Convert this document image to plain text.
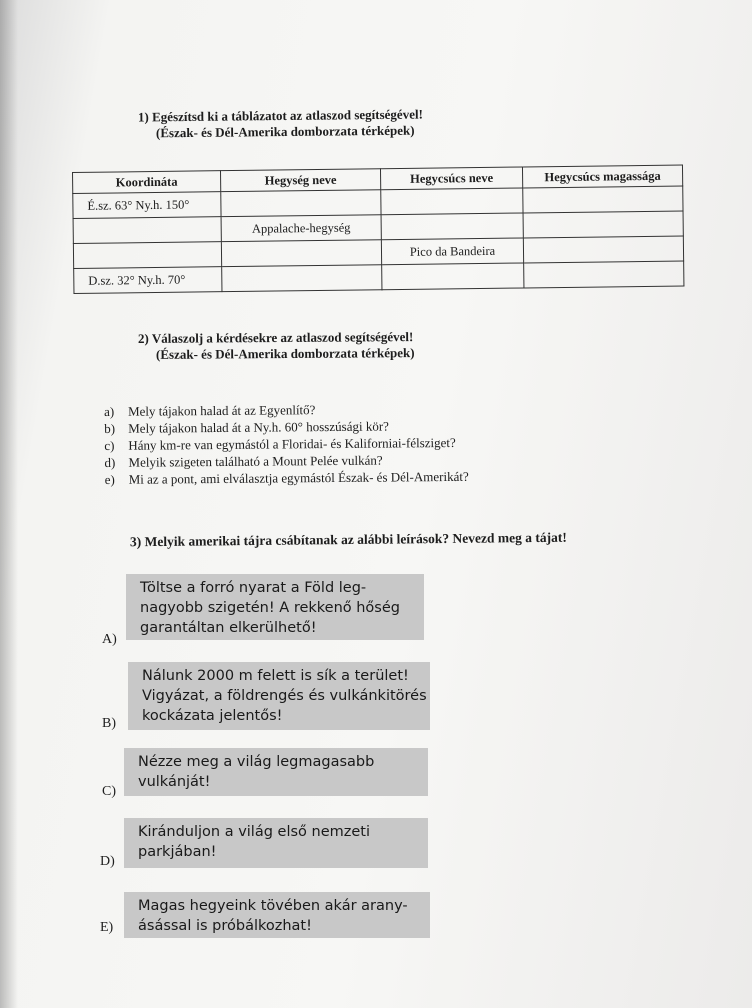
1) Egészítsd ki a táblázatot az atlaszod segítségével!
(Észak- és Dél-Amerika domborzata térképek)
Koordináta	Hegység neve	Hegycsúcs neve	Hegycsúcs magassága
É.sz. 63° Ny.h. 150°			
	Appalache-hegység		
		Pico da Bandeira	
D.sz. 32° Ny.h. 70°			
2) Válaszolj a kérdésekre az atlaszod segítségével!
(Észak- és Dél-Amerika domborzata térképek)
a) Mely tájakon halad át az Egyenlítő?
b) Mely tájakon halad át a Ny.h. 60° hosszúsági kör?
c) Hány km-re van egymástól a Floridai- és Kaliforniai-félsziget?
d) Melyik szigeten található a Mount Pelée vulkán?
e) Mi az a pont, ami elválasztja egymástól Észak- és Dél-Amerikát?
3) Melyik amerikai tájra csábítanak az alábbi leírások? Nevezd meg a tájat!
Töltse a forró nyarat a Föld leg-
nagyobb szigetén! A rekkenő hőség
garantáltan elkerülhető!
A)
Nálunk 2000 m felett is sík a terület!
Vigyázat, a földrengés és vulkánkitörés
kockázata jelentős!
B)
Nézze meg a világ legmagasabb
vulkánját!
C)
Kiránduljon a világ első nemzeti
parkjában!
D)
Magas hegyeink tövében akár arany-
ásással is próbálkozhat!
E)
